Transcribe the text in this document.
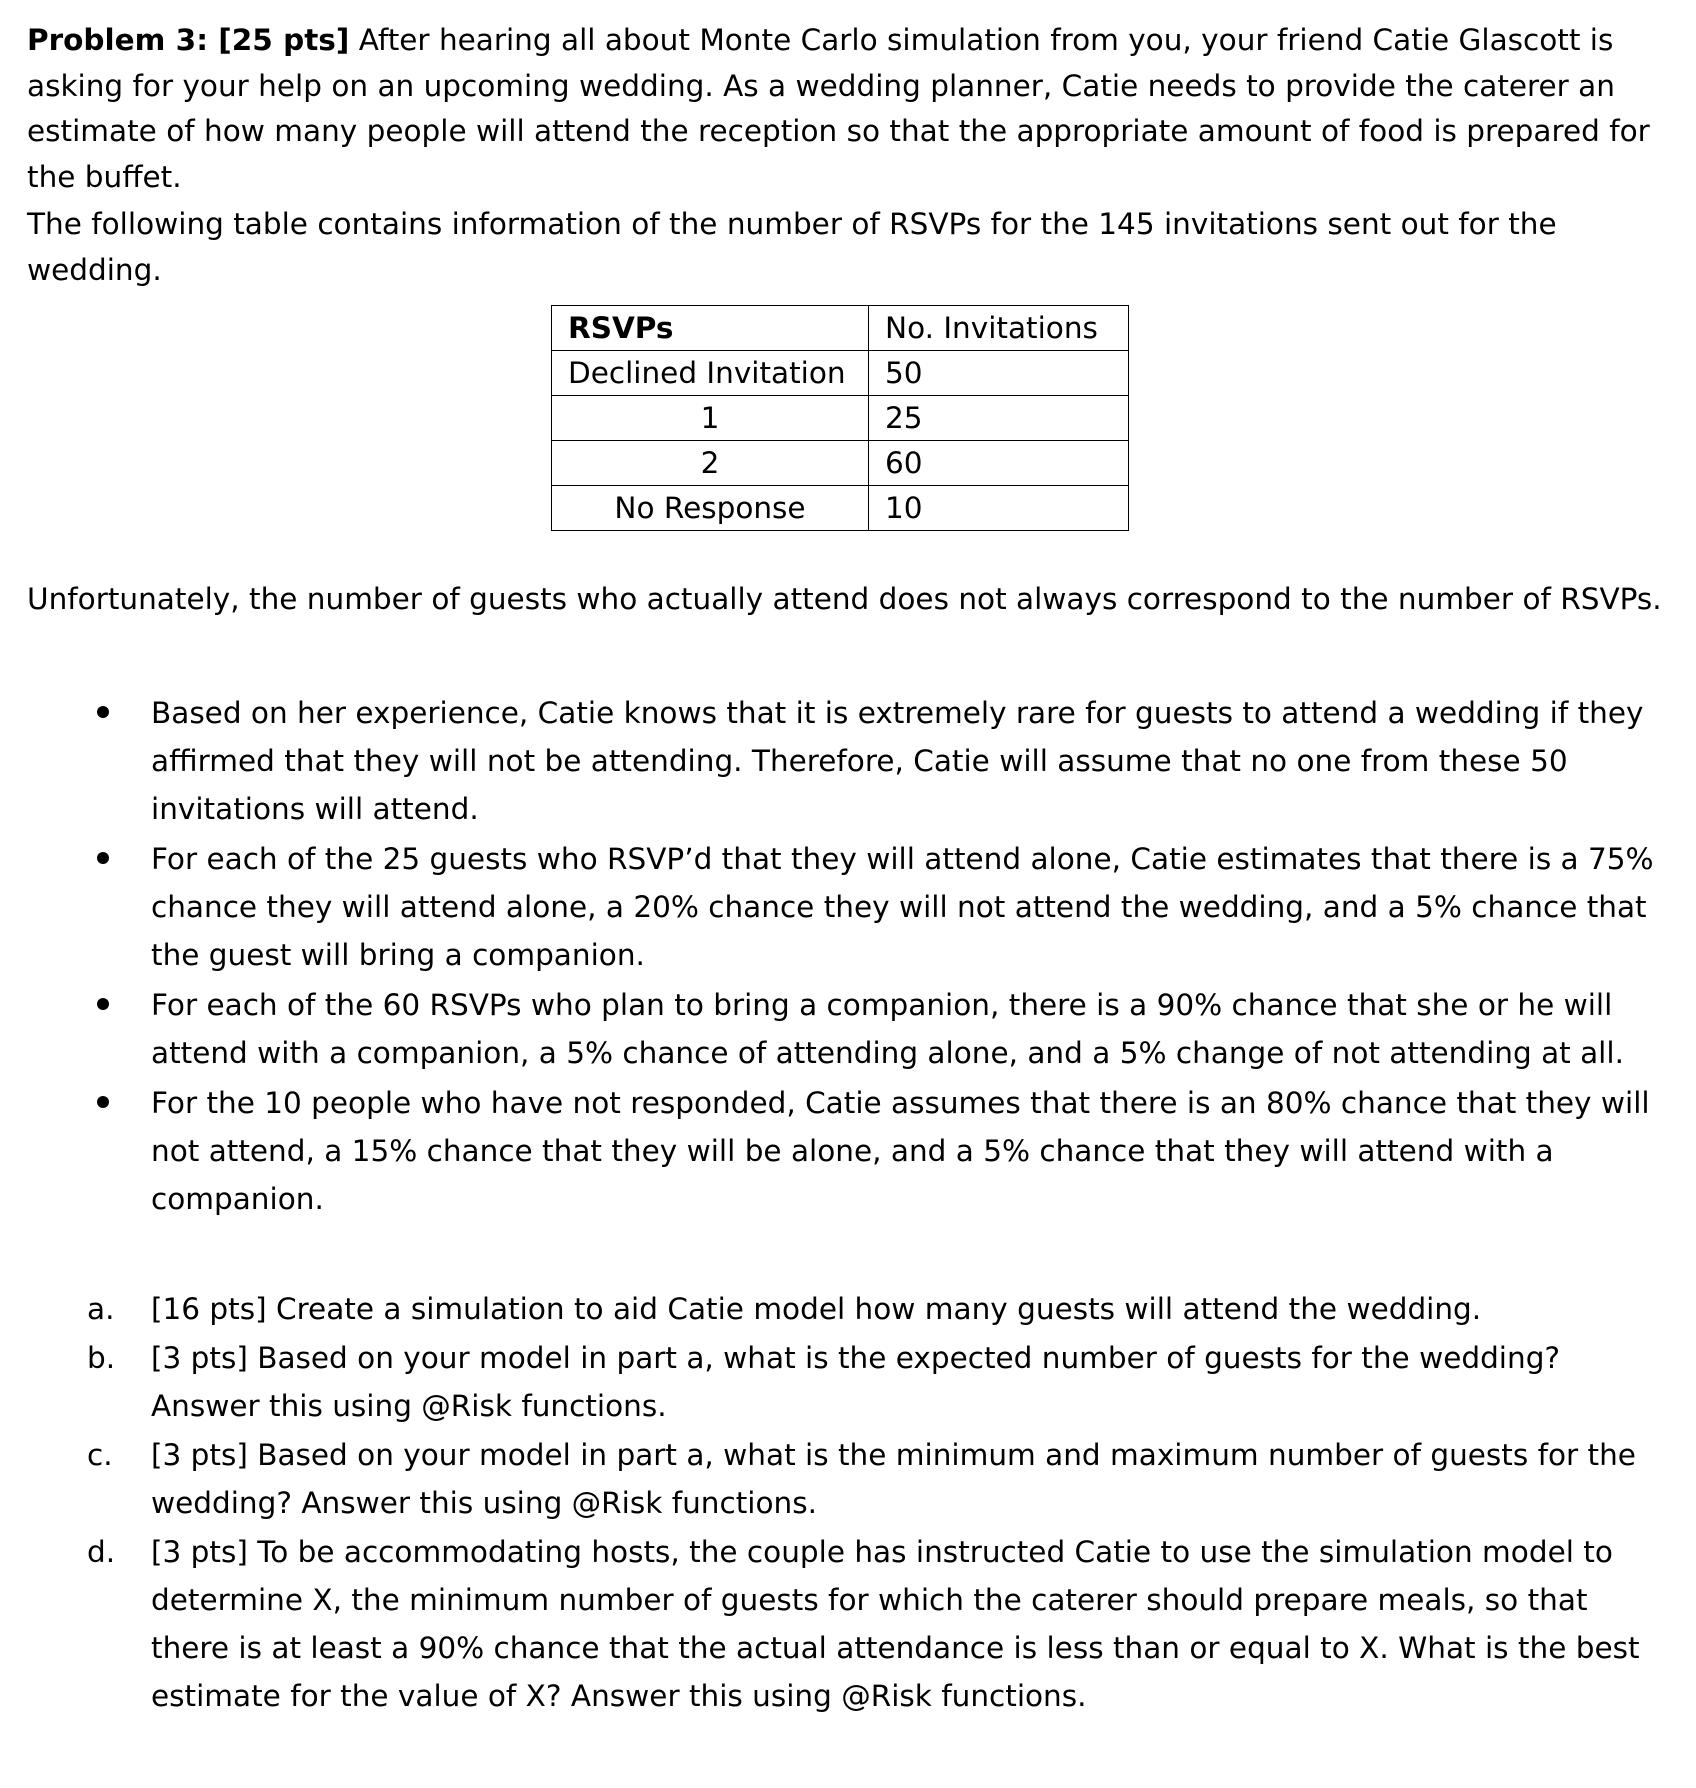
Problem 3: [25 pts] After hearing all about Monte Carlo simulation from you, your friend Catie Glascott is asking for your help on an upcoming wedding. As a wedding planner, Catie needs to provide the caterer an estimate of how many people will attend the reception so that the appropriate amount of food is prepared for the buffet.

The following table contains information of the number of RSVPs for the 145 invitations sent out for the wedding.

RSVPs	No. Invitations
Declined Invitation	50
1	25
2	60
No Response	10

Unfortunately, the number of guests who actually attend does not always correspond to the number of RSVPs.

Based on her experience, Catie knows that it is extremely rare for guests to attend a wedding if they affirmed that they will not be attending. Therefore, Catie will assume that no one from these 50 invitations will attend.
For each of the 25 guests who RSVP’d that they will attend alone, Catie estimates that there is a 75% chance they will attend alone, a 20% chance they will not attend the wedding, and a 5% chance that the guest will bring a companion.
For each of the 60 RSVPs who plan to bring a companion, there is a 90% chance that she or he will attend with a companion, a 5% chance of attending alone, and a 5% change of not attending at all.
For the 10 people who have not responded, Catie assumes that there is an 80% chance that they will not attend, a 15% chance that they will be alone, and a 5% chance that they will attend with a companion.
a.	[16 pts] Create a simulation to aid Catie model how many guests will attend the wedding.
b.	[3 pts] Based on your model in part a, what is the expected number of guests for the wedding? Answer this using @Risk functions.
c.	[3 pts] Based on your model in part a, what is the minimum and maximum number of guests for the wedding? Answer this using @Risk functions.
d.	[3 pts] To be accommodating hosts, the couple has instructed Catie to use the simulation model to determine X, the minimum number of guests for which the caterer should prepare meals, so that there is at least a 90% chance that the actual attendance is less than or equal to X. What is the best estimate for the value of X? Answer this using @Risk functions.
